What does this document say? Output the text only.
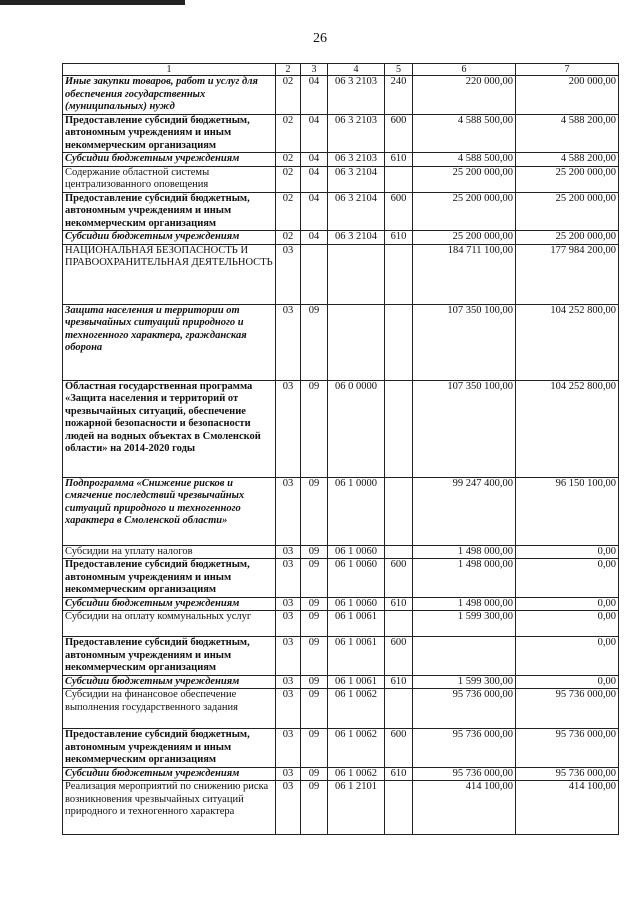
26
1	2	3	4	5	6	7
Иные закупки товаров, работ и услуг для обеспечения государственных (муниципальных) нужд	02	04	06 3 2103	240	220 000,00	200 000,00
Предоставление субсидий бюджетным, автономным учреждениям и иным некоммерческим организациям	02	04	06 3 2103	600	4 588 500,00	4 588 200,00
Субсидии бюджетным учреждениям	02	04	06 3 2103	610	4 588 500,00	4 588 200,00
Содержание областной системы централизованного оповещения	02	04	06 3 2104		25 200 000,00	25 200 000,00
Предоставление субсидий бюджетным, автономным учреждениям и иным некоммерческим организациям	02	04	06 3 2104	600	25 200 000,00	25 200 000,00
Субсидии бюджетным учреждениям	02	04	06 3 2104	610	25 200 000,00	25 200 000,00
НАЦИОНАЛЬНАЯ БЕЗОПАСНОСТЬ И ПРАВООХРАНИТЕЛЬНАЯ ДЕЯТЕЛЬНОСТЬ	03				184 711 100,00	177 984 200,00
Защита населения и территории от чрезвычайных ситуаций природного и техногенного характера, гражданская оборона	03	09			107 350 100,00	104 252 800,00
Областная государственная программа «Защита населения и территорий от чрезвычайных ситуаций, обеспечение пожарной безопасности и безопасности людей на водных объектах в Смоленской области» на 2014-2020 годы	03	09	06 0 0000		107 350 100,00	104 252 800,00
Подпрограмма «Снижение рисков и смягчение последствий чрезвычайных ситуаций природного и техногенного характера в Смоленской области»	03	09	06 1 0000		99 247 400,00	96 150 100,00
Субсидии на уплату налогов	03	09	06 1 0060		1 498 000,00	0,00
Предоставление субсидий бюджетным, автономным учреждениям и иным некоммерческим организациям	03	09	06 1 0060	600	1 498 000,00	0,00
Субсидии бюджетным учреждениям	03	09	06 1 0060	610	1 498 000,00	0,00
Субсидии на оплату коммунальных услуг	03	09	06 1 0061		1 599 300,00	0,00
Предоставление субсидий бюджетным, автономным учреждениям и иным некоммерческим организациям	03	09	06 1 0061	600		0,00
Субсидии бюджетным учреждениям	03	09	06 1 0061	610	1 599 300,00	0,00
Субсидии на финансовое обеспечение выполнения государственного задания	03	09	06 1 0062		95 736 000,00	95 736 000,00
Предоставление субсидий бюджетным, автономным учреждениям и иным некоммерческим организациям	03	09	06 1 0062	600	95 736 000,00	95 736 000,00
Субсидии бюджетным учреждениям	03	09	06 1 0062	610	95 736 000,00	95 736 000,00
Реализация мероприятий по снижению риска возникновения чрезвычайных ситуаций природного и техногенного характера	03	09	06 1 2101		414 100,00	414 100,00
